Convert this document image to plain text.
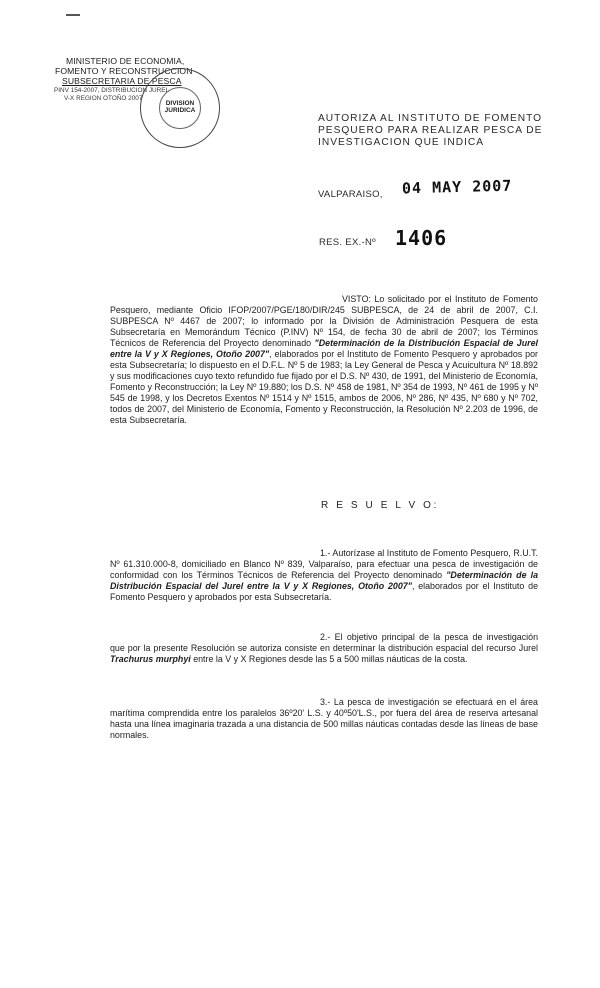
MINISTERIO DE ECONOMIA,
FOMENTO Y RECONSTRUCCION
SUBSECRETARIA DE PESCA
PINV 154-2007, DISTRIBUCION JUREL
V-X REGION OTOÑO 2007
DIVISION
JURIDICA
AUTORIZA AL INSTITUTO DE FOMENTO PESQUERO PARA REALIZAR PESCA DE INVESTIGACION QUE INDICA
VALPARAISO, 04 MAY 2007
RES. EX.-Nº 1406
VISTO: Lo solicitado por el Instituto de Fomento Pesquero, mediante Oficio IFOP/2007/PGE/180/DIR/245 SUBPESCA, de 24 de abril de 2007, C.I. SUBPESCA Nº 4467 de 2007; lo informado por la División de Administración Pesquera de esta Subsecretaría en Memorándum Técnico (P.INV) Nº 154, de fecha 30 de abril de 2007; los Términos Técnicos de Referencia del Proyecto denominado "Determinación de la Distribución Espacial de Jurel entre la V y X Regiones, Otoño 2007", elaborados por el Instituto de Fomento Pesquero y aprobados por esta Subsecretaría; lo dispuesto en el D.F.L. Nº 5 de 1983; la Ley General de Pesca y Acuicultura Nº 18.892 y sus modificaciones cuyo texto refundido fue fijado por el D.S. Nº 430, de 1991, del Ministerio de Economía, Fomento y Reconstrucción; la Ley Nº 19.880; los D.S. Nº 458 de 1981, Nº 354 de 1993, Nº 461 de 1995 y Nº 545 de 1998, y los Decretos Exentos Nº 1514 y Nº 1515, ambos de 2006, Nº 286, Nº 435, Nº 680 y Nº 702, todos de 2007, del Ministerio de Economía, Fomento y Reconstrucción, la Resolución Nº 2.203 de 1996, de esta Subsecretaría.
R E S U E L V O:
1.- Autorízase al Instituto de Fomento Pesquero, R.U.T. Nº 61.310.000-8, domiciliado en Blanco Nº 839, Valparaíso, para efectuar una pesca de investigación de conformidad con los Términos Técnicos de Referencia del Proyecto denominado "Determinación de la Distribución Espacial del Jurel entre la V y X Regiones, Otoño 2007", elaborados por el Instituto de Fomento Pesquero y aprobados por esta Subsecretaría.
2.- El objetivo principal de la pesca de investigación que por la presente Resolución se autoriza consiste en determinar la distribución espacial del recurso Jurel Trachurus murphyi entre la V y X Regiones desde las 5 a 500 millas náuticas de la costa.
3.- La pesca de investigación se efectuará en el área marítima comprendida entre los paralelos 36º20' L.S. y 40º50'L.S., por fuera del área de reserva artesanal hasta una línea imaginaria trazada a una distancia de 500 millas náuticas contadas desde las líneas de base normales.
